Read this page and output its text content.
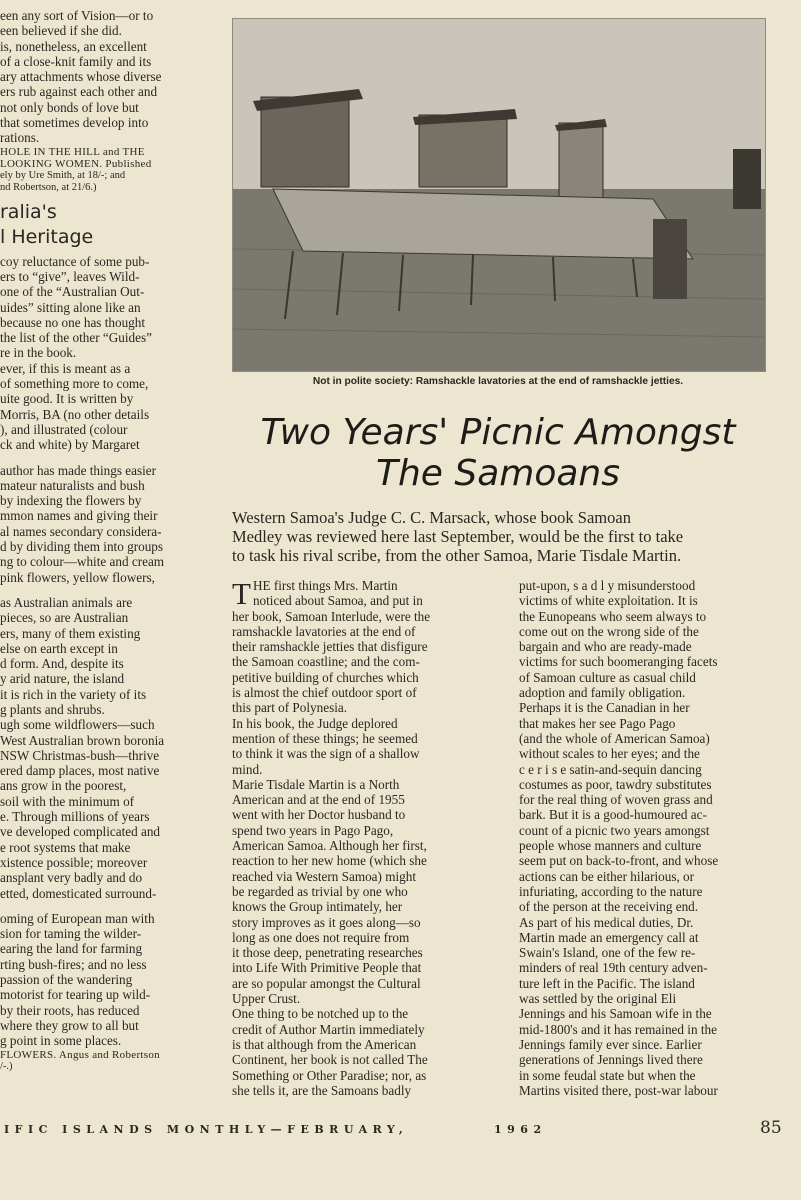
een any sort of Vision—or to

een believed if she did.

is, nonetheless, an excellent

of a close-knit family and its

ary attachments whose diverse

ers rub against each other and

not only bonds of love but

that sometimes develop into

rations.

HOLE IN THE HILL and THE

LOOKING WOMEN. Published

ely by Ure Smith, at 18/-; and

nd Robertson, at 21/6.)

ralia's
l Heritage

coy reluctance of some pub-

ers to “give”, leaves Wild-

one of the “Australian Out-

uides” sitting alone like an

because no one has thought

the list of the other “Guides”

re in the book.

ever, if this is meant as a

of something more to come,

uite good. It is written by

Morris, BA (no other details

), and illustrated (colour

ck and white) by Margaret

author has made things easier

mateur naturalists and bush

by indexing the flowers by

mmon names and giving their

al names secondary considera-

d by dividing them into groups

ng to colour—white and cream

pink flowers, yellow flowers,

as Australian animals are

pieces, so are Australian

ers, many of them existing

else on earth except in

d form. And, despite its

y arid nature, the island

it is rich in the variety of its

g plants and shrubs.

ugh some wildflowers—such

West Australian brown boronia

NSW Christmas-bush—thrive

ered damp places, most native

ans grow in the poorest,

soil with the minimum of

e. Through millions of years

ve developed complicated and

e root systems that make

xistence possible; moreover

ansplant very badly and do

etted, domesticated surround-

oming of European man with

sion for taming the wilder-

earing the land for farming

rting bush-fires; and no less

passion of the wandering

motorist for tearing up wild-

by their roots, has reduced

where they grow to all but

g point in some places.

FLOWERS. Angus and Robertson

/-.)

Not in polite society: Ramshackle lavatories at the end of ramshackle jetties.
Two Years' Picnic Amongst
The Samoans
Western Samoa's Judge C. C. Marsack, whose book Samoan
Medley was reviewed here last September, would be the first to take
to task his rival scribe, from the other Samoa, Marie Tisdale Martin.
T HE first things Mrs. Martin

noticed about Samoa, and put in

her book, Samoan Interlude, were the

ramshackle lavatories at the end of

their ramshackle jetties that disfigure

the Samoan coastline; and the com-

petitive building of churches which

is almost the chief outdoor sport of

this part of Polynesia.

In his book, the Judge deplored

mention of these things; he seemed

to think it was the sign of a shallow

mind.

Marie Tisdale Martin is a North

American and at the end of 1955

went with her Doctor husband to

spend two years in Pago Pago,

American Samoa. Although her first,

reaction to her new home (which she

reached via Western Samoa) might

be regarded as trivial by one who

knows the Group intimately, her

story improves as it goes along—so

long as one does not require from

it those deep, penetrating researches

into Life With Primitive People that

are so popular amongst the Cultural

Upper Crust.

One thing to be notched up to the

credit of Author Martin immediately

is that although from the American

Continent, her book is not called The

Something or Other Paradise; nor, as

she tells it, are the Samoans badly

put-upon, s a d l y misunderstood

victims of white exploitation. It is

the Eunopeans who seem always to

come out on the wrong side of the

bargain and who are ready-made

victims for such boomeranging facets

of Samoan culture as casual child

adoption and family obligation.

Perhaps it is the Canadian in her

that makes her see Pago Pago

(and the whole of American Samoa)

without scales to her eyes; and the

c e r i s e satin-and-sequin dancing

costumes as poor, tawdry substitutes

for the real thing of woven grass and

bark. But it is a good-humoured ac-

count of a picnic two years amongst

people whose manners and culture

seem put on back-to-front, and whose

actions can be either hilarious, or

infuriating, according to the nature

of the person at the receiving end.

As part of his medical duties, Dr.

Martin made an emergency call at

Swain's Island, one of the few re-

minders of real 19th century adven-

ture left in the Pacific. The island

was settled by the original Eli

Jennings and his Samoan wife in the

mid-1800's and it has remained in the

Jennings family ever since. Earlier

generations of Jennings lived there

in some feudal state but when the

Martins visited there, post-war labour

IFIC ISLANDS MONTHLY—FEBRUARY,	1962	85
